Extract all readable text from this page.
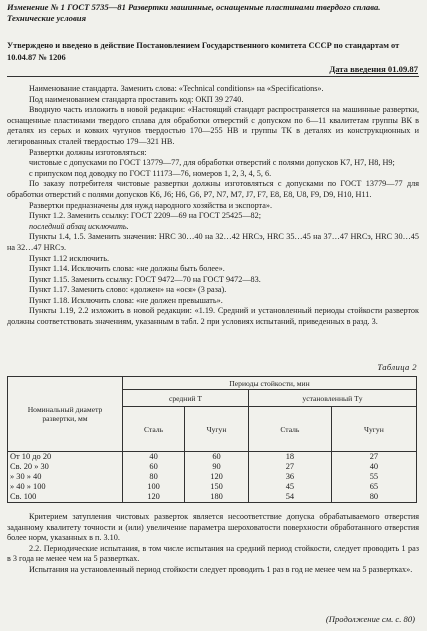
Изменение № 1 ГОСТ 5735—81 Развертки машинные, оснащенные пластинами твердого сплава. Технические условия
Утверждено и введено в действие Постановлением Государственного комитета СССР по стандартам от 10.04.87 № 1206
Дата введения 01.09.87

Наименование стандарта. Заменить слова: «Technical conditions» на «Specifications».

Под наименованием стандарта проставить код: ОКП 39 2740.

Вводную часть изложить в новой редакции: «Настоящий стандарт распространяется на машинные развертки, оснащенные пластинами твердого сплава для обработки отверстий с допуском по 6—11 квалитетам группы ВК в деталях из серых и ковких чугунов твердостью 170—255 НВ и группы ТК в деталях из конструкционных и легированных сталей твердостью 179—321 НВ.

Развертки должны изготовляться:

чистовые с допусками по ГОСТ 13779—77, для обработки отверстий с полями допусков K7, H7, H8, H9;

с припуском под доводку по ГОСТ 11173—76, номеров 1, 2, 3, 4, 5, 6.

По заказу потребителя чистовые развертки должны изготовляться с допусками по ГОСТ 13779—77 для обработки отверстий с полями допусков K6, J6; H6, G6, P7, N7, M7, J7, F7, E8, E8, U8, F9, D9, H10, H11.

Развертки предназначены для нужд народного хозяйства и экспорта».

Пункт 1.2. Заменить ссылку: ГОСТ 2209—69 на ГОСТ 25425—82;

последний абзац исключить.

Пункты 1.4, 1.5. Заменить значения: HRC 30…40 на 32…42 HRCэ, HRC 35…45 на 37…47 HRCэ, HRC 30…45 на 32…47 HRCэ.

Пункт 1.12 исключить.

Пункт 1.14. Исключить слова: «не должны быть более».

Пункт 1.15. Заменить ссылку: ГОСТ 9472—70 на ГОСТ 9472—83.

Пункт 1.17. Заменить слово: «должен» на «ося» (3 раза).

Пункт 1.18. Исключить слова: «не должен превышать».

Пункты 1.19, 2.2 изложить в новой редакции: «1.19. Средний и установленный периоды стойкости разверток должны соответствовать значениям, указанным в табл. 2 при условиях испытаний, приведенных в разд. 3.

Таблица 2
Номинальный диаметр развертки, мм	Периоды стойкости, мин			
	средний T		установленный Tу	
	Сталь	Чугун	Сталь	Чугун
От 10 до 20	40	60	18	27
Св. 20 » 30	60	90	27	40
» 30 » 40	80	120	36	55
» 40 » 100	100	150	45	65
Св. 100	120	180	54	80

Критерием затупления чистовых разверток является несоответствие допуска обрабатываемого отверстия заданному квалитету точности и (или) увеличение параметра шероховатости поверхности обработанного отверстия более норм, указанных в п. 3.10.

2.2. Периодические испытания, в том числе испытания на средний период стойкости, следует проводить 1 раз в 3 года не менее чем на 5 развертках.

Испытания на установленный период стойкости следует проводить 1 раз в год не менее чем на 5 развертках».

(Продолжение см. с. 80)
